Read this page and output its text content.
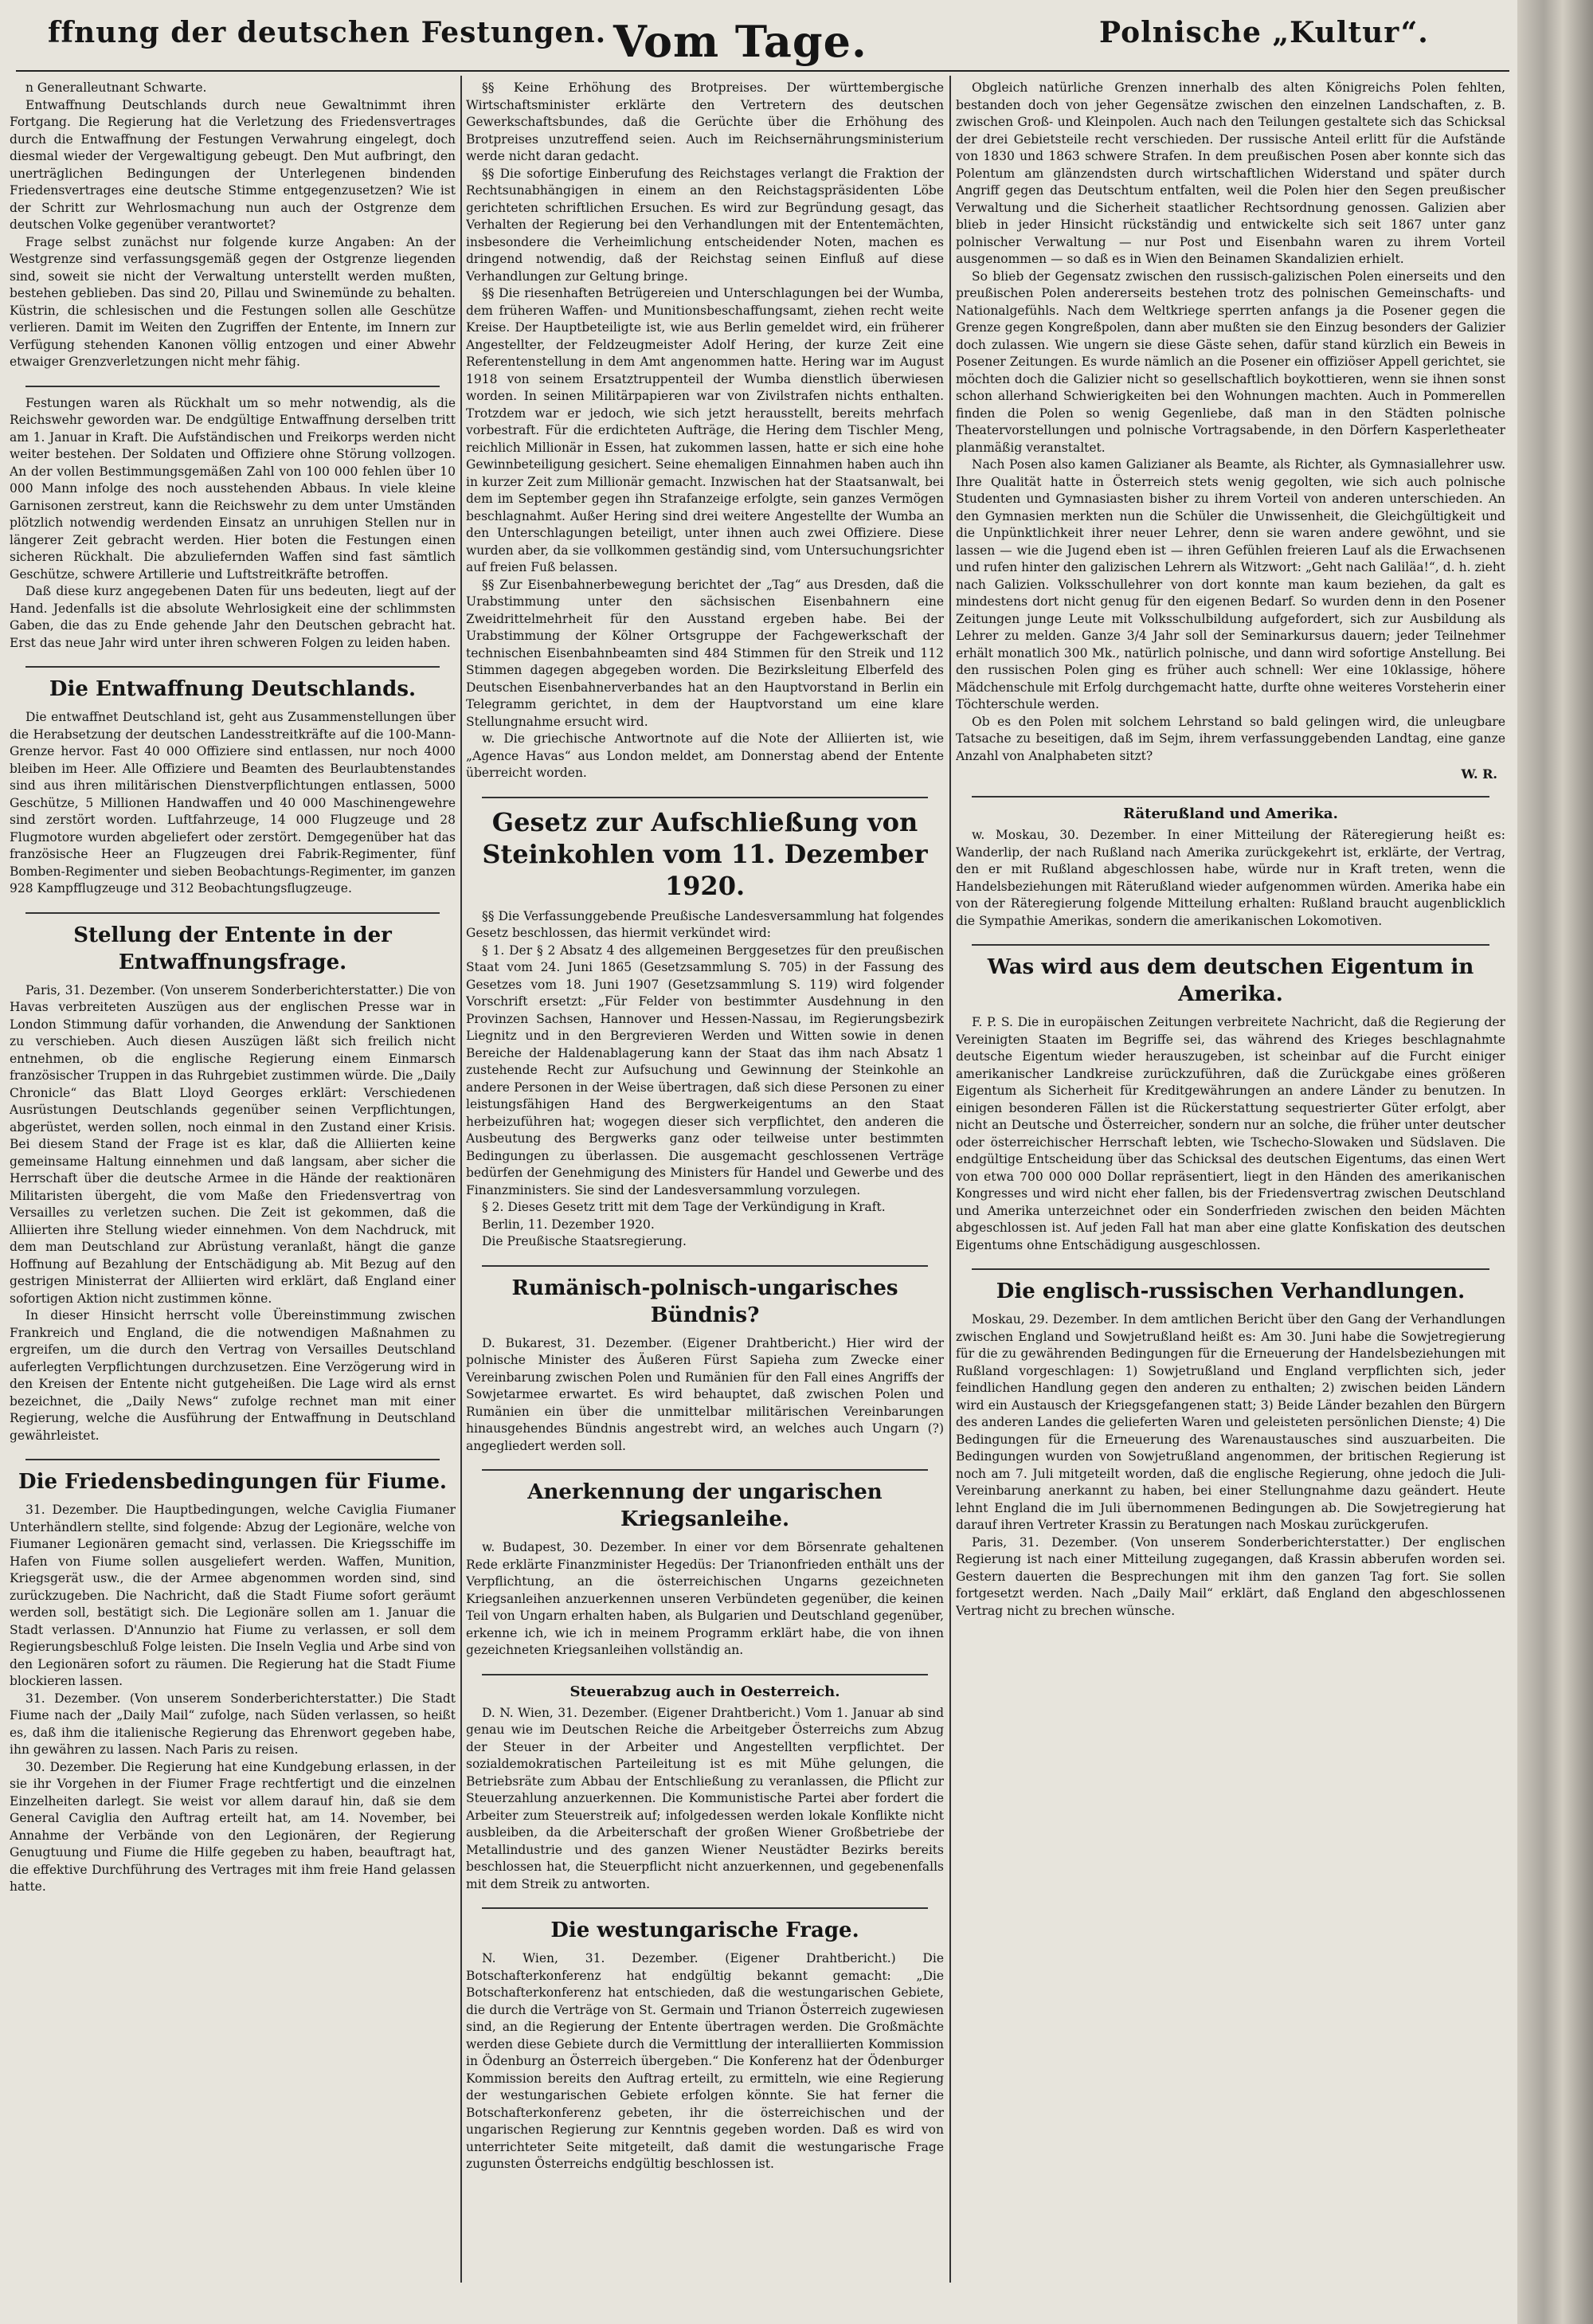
ffnung der deutschen Festungen. Vom Tage.	Polnische „Kultur“.

n Generalleutnant Schwarte.

Entwaffnung Deutschlands durch neue Gewaltnimmt ihren Fortgang. Die Regierung hat die Verletzung des Friedensvertrages durch die Entwaffnung der Festungen Verwahrung eingelegt, doch diesmal wieder der Vergewaltigung gebeugt. Den Mut aufbringt, den unerträglichen Bedingungen der Unterlegenen bindenden Friedensvertrages eine deutsche Stimme entgegenzusetzen? Wie ist der Schritt zur Wehrlosmachung nun auch der Ostgrenze dem deutschen Volke gegenüber verantwortet?

Frage selbst zunächst nur folgende kurze Angaben: An der Westgrenze sind verfassungsgemäß gegen der Ostgrenze liegenden sind, soweit sie nicht der Verwaltung unterstellt werden mußten, bestehen geblieben. Das sind 20, Pillau und Swinemünde zu behalten. Küstrin, die schlesischen und die Festungen sollen alle Geschütze verlieren. Damit im Weiten den Zugriffen der Entente, im Innern zur Verfügung stehenden Kanonen völlig entzogen und einer Abwehr etwaiger Grenzverletzungen nicht mehr fähig.

Festungen waren als Rückhalt um so mehr notwendig, als die Reichswehr geworden war. De endgültige Entwaffnung derselben tritt am 1. Januar in Kraft. Die Aufständischen und Freikorps werden nicht weiter bestehen. Der Soldaten und Offiziere ohne Störung vollzogen. An der vollen Bestimmungsgemäßen Zahl von 100 000 fehlen über 10 000 Mann infolge des noch ausstehenden Abbaus. In viele kleine Garnisonen zerstreut, kann die Reichswehr zu dem unter Umständen plötzlich notwendig werdenden Einsatz an unruhigen Stellen nur in längerer Zeit gebracht werden. Hier boten die Festungen einen sicheren Rückhalt. Die abzuliefernden Waffen sind fast sämtlich Geschütze, schwere Artillerie und Luftstreitkräfte betroffen.

Daß diese kurz angegebenen Daten für uns bedeuten, liegt auf der Hand. Jedenfalls ist die absolute Wehrlosigkeit eine der schlimmsten Gaben, die das zu Ende gehende Jahr den Deutschen gebracht hat. Erst das neue Jahr wird unter ihren schweren Folgen zu leiden haben.

Die Entwaffnung Deutschlands.

Die entwaffnet Deutschland ist, geht aus Zusammenstellungen über die Herabsetzung der deutschen Landesstreitkräfte auf die 100-Mann-Grenze hervor. Fast 40 000 Offiziere sind entlassen, nur noch 4000 bleiben im Heer. Alle Offiziere und Beamten des Beurlaubtenstandes sind aus ihren militärischen Dienstverpflichtungen entlassen, 5000 Geschütze, 5 Millionen Handwaffen und 40 000 Maschinengewehre sind zerstört worden. Luftfahrzeuge, 14 000 Flugzeuge und 28 Flugmotore wurden abgeliefert oder zerstört. Demgegenüber hat das französische Heer an Flugzeugen drei Fabrik-Regimenter, fünf Bomben-Regimenter und sieben Beobachtungs-Regimenter, im ganzen 928 Kampfflugzeuge und 312 Beobachtungsflugzeuge.

Stellung der Entente in der Entwaffnungsfrage.

Paris, 31. Dezember. (Von unserem Sonderberichterstatter.) Die von Havas verbreiteten Auszügen aus der englischen Presse war in London Stimmung dafür vorhanden, die Anwendung der Sanktionen zu verschieben. Auch diesen Auszügen läßt sich freilich nicht entnehmen, ob die englische Regierung einem Einmarsch französischer Truppen in das Ruhrgebiet zustimmen würde. Die „Daily Chronicle“ das Blatt Lloyd Georges erklärt: Verschiedenen Ausrüstungen Deutschlands gegenüber seinen Verpflichtungen, abgerüstet, werden sollen, noch einmal in den Zustand einer Krisis. Bei diesem Stand der Frage ist es klar, daß die Alliierten keine gemeinsame Haltung einnehmen und daß langsam, aber sicher die Herrschaft über die deutsche Armee in die Hände der reaktionären Militaristen übergeht, die vom Maße den Friedensvertrag von Versailles zu verletzen suchen. Die Zeit ist gekommen, daß die Alliierten ihre Stellung wieder einnehmen. Von dem Nachdruck, mit dem man Deutschland zur Abrüstung veranlaßt, hängt die ganze Hoffnung auf Bezahlung der Entschädigung ab. Mit Bezug auf den gestrigen Ministerrat der Alliierten wird erklärt, daß England einer sofortigen Aktion nicht zustimmen könne.

In dieser Hinsicht herrscht volle Übereinstimmung zwischen Frankreich und England, die die notwendigen Maßnahmen zu ergreifen, um die durch den Vertrag von Versailles Deutschland auferlegten Verpflichtungen durchzusetzen. Eine Verzögerung wird in den Kreisen der Entente nicht gutgeheißen. Die Lage wird als ernst bezeichnet, die „Daily News“ zufolge rechnet man mit einer Regierung, welche die Ausführung der Entwaffnung in Deutschland gewährleistet.

Die Friedensbedingungen für Fiume.

31. Dezember. Die Hauptbedingungen, welche Caviglia Fiumaner Unterhändlern stellte, sind folgende: Abzug der Legionäre, welche von Fiumaner Legionären gemacht sind, verlassen. Die Kriegsschiffe im Hafen von Fiume sollen ausgeliefert werden. Waffen, Munition, Kriegsgerät usw., die der Armee abgenommen worden sind, sind zurückzugeben. Die Nachricht, daß die Stadt Fiume sofort geräumt werden soll, bestätigt sich. Die Legionäre sollen am 1. Januar die Stadt verlassen. D'Annunzio hat Fiume zu verlassen, er soll dem Regierungsbeschluß Folge leisten. Die Inseln Veglia und Arbe sind von den Legionären sofort zu räumen. Die Regierung hat die Stadt Fiume blockieren lassen.

31. Dezember. (Von unserem Sonderberichterstatter.) Die Stadt Fiume nach der „Daily Mail“ zufolge, nach Süden verlassen, so heißt es, daß ihm die italienische Regierung das Ehrenwort gegeben habe, ihn gewähren zu lassen. Nach Paris zu reisen.

30. Dezember. Die Regierung hat eine Kundgebung erlassen, in der sie ihr Vorgehen in der Fiumer Frage rechtfertigt und die einzelnen Einzelheiten darlegt. Sie weist vor allem darauf hin, daß sie dem General Caviglia den Auftrag erteilt hat, am 14. November, bei Annahme der Verbände von den Legionären, der Regierung Genugtuung und Fiume die Hilfe gegeben zu haben, beauftragt hat, die effektive Durchführung des Vertrages mit ihm freie Hand gelassen hatte.

§§ Keine Erhöhung des Brotpreises. Der württembergische Wirtschaftsminister erklärte den Vertretern des deutschen Gewerkschaftsbundes, daß die Gerüchte über die Erhöhung des Brotpreises unzutreffend seien. Auch im Reichsernährungsministerium werde nicht daran gedacht.

§§ Die sofortige Einberufung des Reichstages verlangt die Fraktion der Rechtsunabhängigen in einem an den Reichstagspräsidenten Löbe gerichteten schriftlichen Ersuchen. Es wird zur Begründung gesagt, das Verhalten der Regierung bei den Verhandlungen mit der Ententemächten, insbesondere die Verheimlichung entscheidender Noten, machen es dringend notwendig, daß der Reichstag seinen Einfluß auf diese Verhandlungen zur Geltung bringe.

§§ Die riesenhaften Betrügereien und Unterschlagungen bei der Wumba, dem früheren Waffen- und Munitionsbeschaffungsamt, ziehen recht weite Kreise. Der Hauptbeteiligte ist, wie aus Berlin gemeldet wird, ein früherer Angestellter, der Feldzeugmeister Adolf Hering, der kurze Zeit eine Referentenstellung in dem Amt angenommen hatte. Hering war im August 1918 von seinem Ersatztruppenteil der Wumba dienstlich überwiesen worden. In seinen Militärpapieren war von Zivilstrafen nichts enthalten. Trotzdem war er jedoch, wie sich jetzt herausstellt, bereits mehrfach vorbestraft. Für die erdichteten Aufträge, die Hering dem Tischler Meng, reichlich Millionär in Essen, hat zukommen lassen, hatte er sich eine hohe Gewinnbeteiligung gesichert. Seine ehemaligen Einnahmen haben auch ihn in kurzer Zeit zum Millionär gemacht. Inzwischen hat der Staatsanwalt, bei dem im September gegen ihn Strafanzeige erfolgte, sein ganzes Vermögen beschlagnahmt. Außer Hering sind drei weitere Angestellte der Wumba an den Unterschlagungen beteiligt, unter ihnen auch zwei Offiziere. Diese wurden aber, da sie vollkommen geständig sind, vom Untersuchungsrichter auf freien Fuß belassen.

§§ Zur Eisenbahnerbewegung berichtet der „Tag“ aus Dresden, daß die Urabstimmung unter den sächsischen Eisenbahnern eine Zweidrittelmehrheit für den Ausstand ergeben habe. Bei der Urabstimmung der Kölner Ortsgruppe der Fachgewerkschaft der technischen Eisenbahnbeamten sind 484 Stimmen für den Streik und 112 Stimmen dagegen abgegeben worden. Die Bezirksleitung Elberfeld des Deutschen Eisenbahnerverbandes hat an den Hauptvorstand in Berlin ein Telegramm gerichtet, in dem der Hauptvorstand um eine klare Stellungnahme ersucht wird.

w. Die griechische Antwortnote auf die Note der Alliierten ist, wie „Agence Havas“ aus London meldet, am Donnerstag abend der Entente überreicht worden.

Gesetz zur Aufschließung von Steinkohlen vom 11. Dezember 1920.

§§ Die Verfassunggebende Preußische Landesversammlung hat folgendes Gesetz beschlossen, das hiermit verkündet wird:

§ 1. Der § 2 Absatz 4 des allgemeinen Berggesetzes für den preußischen Staat vom 24. Juni 1865 (Gesetzsammlung S. 705) in der Fassung des Gesetzes vom 18. Juni 1907 (Gesetzsammlung S. 119) wird folgender Vorschrift ersetzt: „Für Felder von bestimmter Ausdehnung in den Provinzen Sachsen, Hannover und Hessen-Nassau, im Regierungsbezirk Liegnitz und in den Bergrevieren Werden und Witten sowie in denen Bereiche der Haldenablagerung kann der Staat das ihm nach Absatz 1 zustehende Recht zur Aufsuchung und Gewinnung der Steinkohle an andere Personen in der Weise übertragen, daß sich diese Personen zu einer leistungsfähigen Hand des Bergwerkeigentums an den Staat herbeizuführen hat; wogegen dieser sich verpflichtet, den anderen die Ausbeutung des Bergwerks ganz oder teilweise unter bestimmten Bedingungen zu überlassen. Die ausgemacht geschlossenen Verträge bedürfen der Genehmigung des Ministers für Handel und Gewerbe und des Finanzministers. Sie sind der Landesversammlung vorzulegen.

§ 2. Dieses Gesetz tritt mit dem Tage der Verkündigung in Kraft.

Berlin, 11. Dezember 1920.

Die Preußische Staatsregierung.

Rumänisch-polnisch-ungarisches Bündnis?

D. Bukarest, 31. Dezember. (Eigener Drahtbericht.) Hier wird der polnische Minister des Äußeren Fürst Sapieha zum Zwecke einer Vereinbarung zwischen Polen und Rumänien für den Fall eines Angriffs der Sowjetarmee erwartet. Es wird behauptet, daß zwischen Polen und Rumänien ein über die unmittelbar militärischen Vereinbarungen hinausgehendes Bündnis angestrebt wird, an welches auch Ungarn (?) angegliedert werden soll.

Anerkennung der ungarischen Kriegsanleihe.

w. Budapest, 30. Dezember. In einer vor dem Börsenrate gehaltenen Rede erklärte Finanzminister Hegedüs: Der Trianonfrieden enthält uns der Verpflichtung, an die österreichischen Ungarns gezeichneten Kriegsanleihen anzuerkennen unseren Verbündeten gegenüber, die keinen Teil von Ungarn erhalten haben, als Bulgarien und Deutschland gegenüber, erkenne ich, wie ich in meinem Programm erklärt habe, die von ihnen gezeichneten Kriegsanleihen vollständig an.

Steuerabzug auch in Oesterreich.

D. N. Wien, 31. Dezember. (Eigener Drahtbericht.) Vom 1. Januar ab sind genau wie im Deutschen Reiche die Arbeitgeber Österreichs zum Abzug der Steuer in der Arbeiter und Angestellten verpflichtet. Der sozialdemokratischen Parteileitung ist es mit Mühe gelungen, die Betriebsräte zum Abbau der Entschließung zu veranlassen, die Pflicht zur Steuerzahlung anzuerkennen. Die Kommunistische Partei aber fordert die Arbeiter zum Steuerstreik auf; infolgedessen werden lokale Konflikte nicht ausbleiben, da die Arbeiterschaft der großen Wiener Großbetriebe der Metallindustrie und des ganzen Wiener Neustädter Bezirks bereits beschlossen hat, die Steuerpflicht nicht anzuerkennen, und gegebenenfalls mit dem Streik zu antworten.

Die westungarische Frage.

N. Wien, 31. Dezember. (Eigener Drahtbericht.) Die Botschafterkonferenz hat endgültig bekannt gemacht: „Die Botschafterkonferenz hat entschieden, daß die westungarischen Gebiete, die durch die Verträge von St. Germain und Trianon Österreich zugewiesen sind, an die Regierung der Entente übertragen werden. Die Großmächte werden diese Gebiete durch die Vermittlung der interalliierten Kommission in Ödenburg an Österreich übergeben.“ Die Konferenz hat der Ödenburger Kommission bereits den Auftrag erteilt, zu ermitteln, wie eine Regierung der westungarischen Gebiete erfolgen könnte. Sie hat ferner die Botschafterkonferenz gebeten, ihr die österreichischen und der ungarischen Regierung zur Kenntnis gegeben worden. Daß es wird von unterrichteter Seite mitgeteilt, daß damit die westungarische Frage zugunsten Österreichs endgültig beschlossen ist.

Obgleich natürliche Grenzen innerhalb des alten Königreichs Polen fehlten, bestanden doch von jeher Gegensätze zwischen den einzelnen Landschaften, z. B. zwischen Groß- und Kleinpolen. Auch nach den Teilungen gestaltete sich das Schicksal der drei Gebietsteile recht verschieden. Der russische Anteil erlitt für die Aufstände von 1830 und 1863 schwere Strafen. In dem preußischen Posen aber konnte sich das Polentum am glänzendsten durch wirtschaftlichen Widerstand und später durch Angriff gegen das Deutschtum entfalten, weil die Polen hier den Segen preußischer Verwaltung und die Sicherheit staatlicher Rechtsordnung genossen. Galizien aber blieb in jeder Hinsicht rückständig und entwickelte sich seit 1867 unter ganz polnischer Verwaltung — nur Post und Eisenbahn waren zu ihrem Vorteil ausgenommen — so daß es in Wien den Beinamen Skandalizien erhielt.

So blieb der Gegensatz zwischen den russisch-galizischen Polen einerseits und den preußischen Polen andererseits bestehen trotz des polnischen Gemeinschafts- und Nationalgefühls. Nach dem Weltkriege sperrten anfangs ja die Posener gegen die Grenze gegen Kongreßpolen, dann aber mußten sie den Einzug besonders der Galizier doch zulassen. Wie ungern sie diese Gäste sehen, dafür stand kürzlich ein Beweis in Posener Zeitungen. Es wurde nämlich an die Posener ein offiziöser Appell gerichtet, sie möchten doch die Galizier nicht so gesellschaftlich boykottieren, wenn sie ihnen sonst schon allerhand Schwierigkeiten bei den Wohnungen machten. Auch in Pommerellen finden die Polen so wenig Gegenliebe, daß man in den Städten polnische Theatervorstellungen und polnische Vortragsabende, in den Dörfern Kasperletheater planmäßig veranstaltet.

Nach Posen also kamen Galizianer als Beamte, als Richter, als Gymnasiallehrer usw. Ihre Qualität hatte in Österreich stets wenig gegolten, wie sich auch polnische Studenten und Gymnasiasten bisher zu ihrem Vorteil von anderen unterschieden. An den Gymnasien merkten nun die Schüler die Unwissenheit, die Gleichgültigkeit und die Unpünktlichkeit ihrer neuer Lehrer, denn sie waren andere gewöhnt, und sie lassen — wie die Jugend eben ist — ihren Gefühlen freieren Lauf als die Erwachsenen und rufen hinter den galizischen Lehrern als Witzwort: „Geht nach Galiläa!“, d. h. zieht nach Galizien. Volksschullehrer von dort konnte man kaum beziehen, da galt es mindestens dort nicht genug für den eigenen Bedarf. So wurden denn in den Posener Zeitungen junge Leute mit Volksschulbildung aufgefordert, sich zur Ausbildung als Lehrer zu melden. Ganze 3/4 Jahr soll der Seminarkursus dauern; jeder Teilnehmer erhält monatlich 300 Mk., natürlich polnische, und dann wird sofortige Anstellung. Bei den russischen Polen ging es früher auch schnell: Wer eine 10klassige, höhere Mädchenschule mit Erfolg durchgemacht hatte, durfte ohne weiteres Vorsteherin einer Töchterschule werden.

Ob es den Polen mit solchem Lehrstand so bald gelingen wird, die unleugbare Tatsache zu beseitigen, daß im Sejm, ihrem verfassunggebenden Landtag, eine ganze Anzahl von Analphabeten sitzt?

W. R.
Räterußland und Amerika.

w. Moskau, 30. Dezember. In einer Mitteilung der Räteregierung heißt es: Wanderlip, der nach Rußland nach Amerika zurückgekehrt ist, erklärte, der Vertrag, den er mit Rußland abgeschlossen habe, würde nur in Kraft treten, wenn die Handelsbeziehungen mit Räterußland wieder aufgenommen würden. Amerika habe ein von der Räteregierung folgende Mitteilung erhalten: Rußland braucht augenblicklich die Sympathie Amerikas, sondern die amerikanischen Lokomotiven.

Was wird aus dem deutschen Eigentum in Amerika.

F. P. S. Die in europäischen Zeitungen verbreitete Nachricht, daß die Regierung der Vereinigten Staaten im Begriffe sei, das während des Krieges beschlagnahmte deutsche Eigentum wieder herauszugeben, ist scheinbar auf die Furcht einiger amerikanischer Landkreise zurückzuführen, daß die Zurückgabe eines größeren Eigentum als Sicherheit für Kreditgewährungen an andere Länder zu benutzen. In einigen besonderen Fällen ist die Rückerstattung sequestrierter Güter erfolgt, aber nicht an Deutsche und Österreicher, sondern nur an solche, die früher unter deutscher oder österreichischer Herrschaft lebten, wie Tschecho-Slowaken und Südslaven. Die endgültige Entscheidung über das Schicksal des deutschen Eigentums, das einen Wert von etwa 700 000 000 Dollar repräsentiert, liegt in den Händen des amerikanischen Kongresses und wird nicht eher fallen, bis der Friedensvertrag zwischen Deutschland und Amerika unterzeichnet oder ein Sonderfrieden zwischen den beiden Mächten abgeschlossen ist. Auf jeden Fall hat man aber eine glatte Konfiskation des deutschen Eigentums ohne Entschädigung ausgeschlossen.

Die englisch-russischen Verhandlungen.

Moskau, 29. Dezember. In dem amtlichen Bericht über den Gang der Verhandlungen zwischen England und Sowjetrußland heißt es: Am 30. Juni habe die Sowjetregierung für die zu gewährenden Bedingungen für die Erneuerung der Handelsbeziehungen mit Rußland vorgeschlagen: 1) Sowjetrußland und England verpflichten sich, jeder feindlichen Handlung gegen den anderen zu enthalten; 2) zwischen beiden Ländern wird ein Austausch der Kriegsgefangenen statt; 3) Beide Länder bezahlen den Bürgern des anderen Landes die gelieferten Waren und geleisteten persönlichen Dienste; 4) Die Bedingungen für die Erneuerung des Warenaustausches sind auszuarbeiten. Die Bedingungen wurden von Sowjetrußland angenommen, der britischen Regierung ist noch am 7. Juli mitgeteilt worden, daß die englische Regierung, ohne jedoch die Juli-Vereinbarung anerkannt zu haben, bei einer Stellungnahme dazu geändert. Heute lehnt England die im Juli übernommenen Bedingungen ab. Die Sowjetregierung hat darauf ihren Vertreter Krassin zu Beratungen nach Moskau zurückgerufen.

Paris, 31. Dezember. (Von unserem Sonderberichterstatter.) Der englischen Regierung ist nach einer Mitteilung zugegangen, daß Krassin abberufen worden sei. Gestern dauerten die Besprechungen mit ihm den ganzen Tag fort. Sie sollen fortgesetzt werden. Nach „Daily Mail“ erklärt, daß England den abgeschlossenen Vertrag nicht zu brechen wünsche.
